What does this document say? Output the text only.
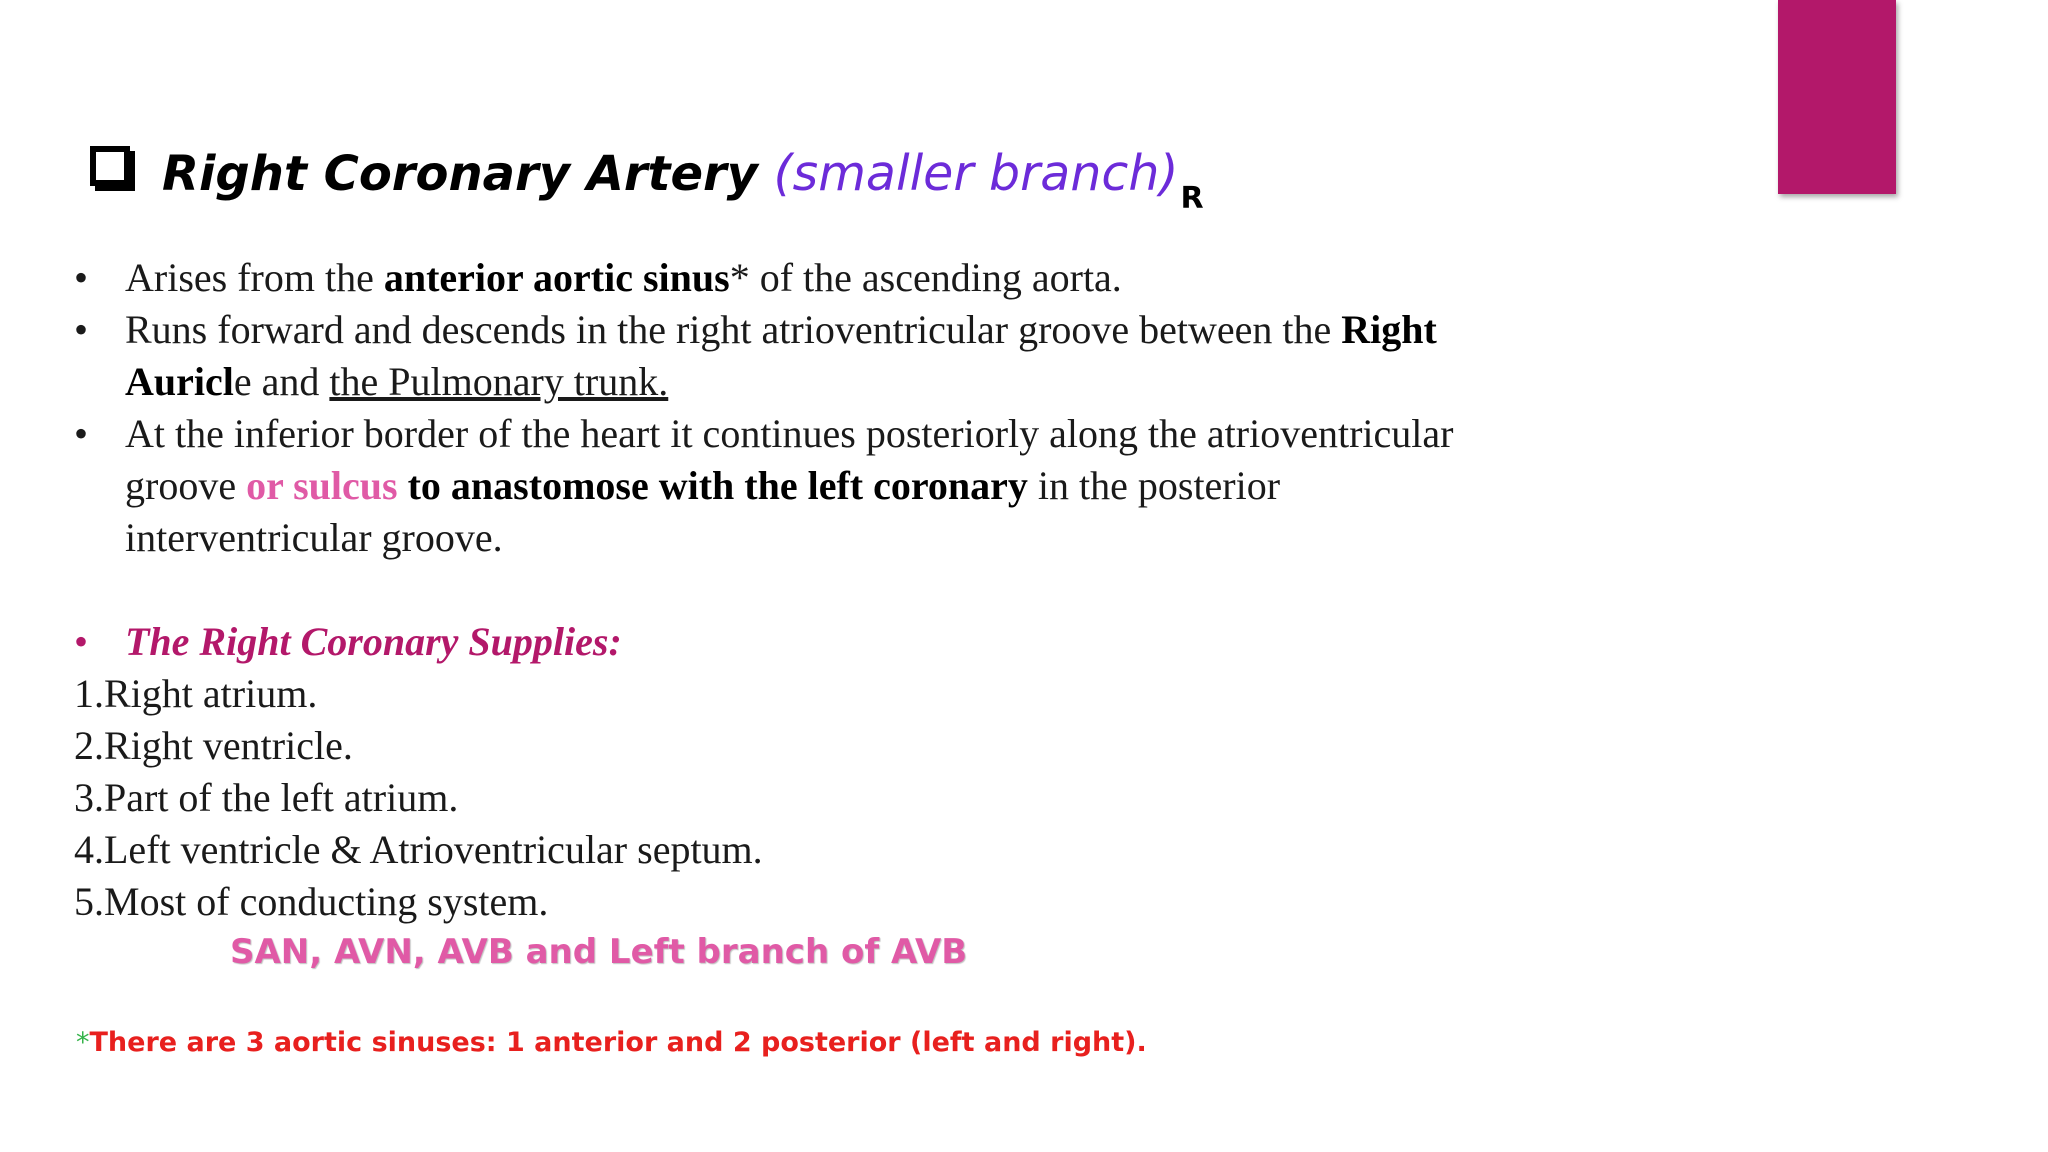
Right Coronary Artery (smaller $branch)_R$
• Arises from the anterior aortic sinus* of the ascending aorta.
• Runs forward and descends in the right atrioventricular groove between the Right
Auricle and the Pulmonary trunk.
• At the inferior border of the heart it continues posteriorly along the atrioventricular
groove or sulcus to anastomose with the left coronary in the posterior
interventricular groove.
• The Right Coronary Supplies:
1.Right atrium.
2.Right ventricle.
3.Part of the left atrium.
4.Left ventricle & Atrioventricular septum.
5.Most of conducting system.
SAN, AVN, AVB and Left branch of AVB
*There are 3 aortic sinuses: 1 anterior and 2 posterior (left and right).
